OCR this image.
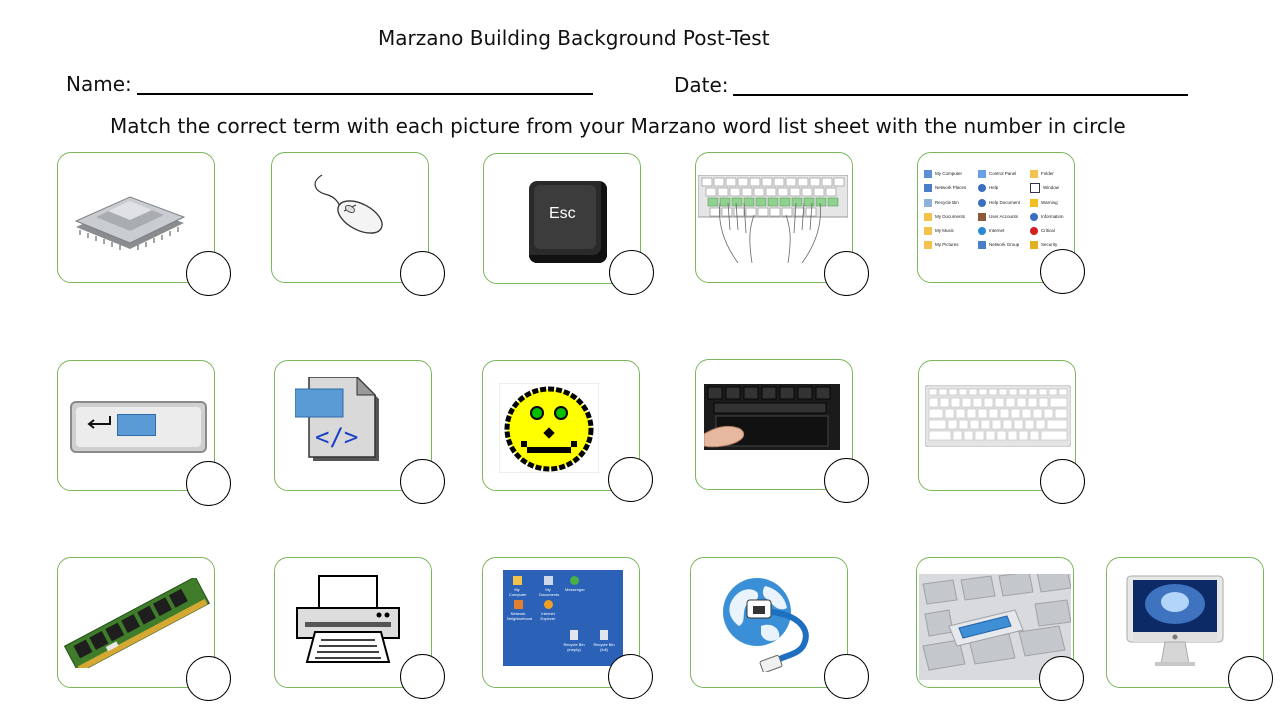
Marzano Building Background Post-Test
Name:	Date:
Match the correct term with each picture from your Marzano word list sheet with the number in circle
Esc
My Computer	Control Panel	Folder
Network Places	Help	Window
Recycle Bin	Help Document	Warning
My Documents	User Accounts	Information
My Music	Internet	Critical
My Pictures	Network Group	Security
</>
My Computer
My Documents
Messenger
Network Neighborhood
Internet Explorer
Recycle Bin (empty)
Recycle Bin (full)
